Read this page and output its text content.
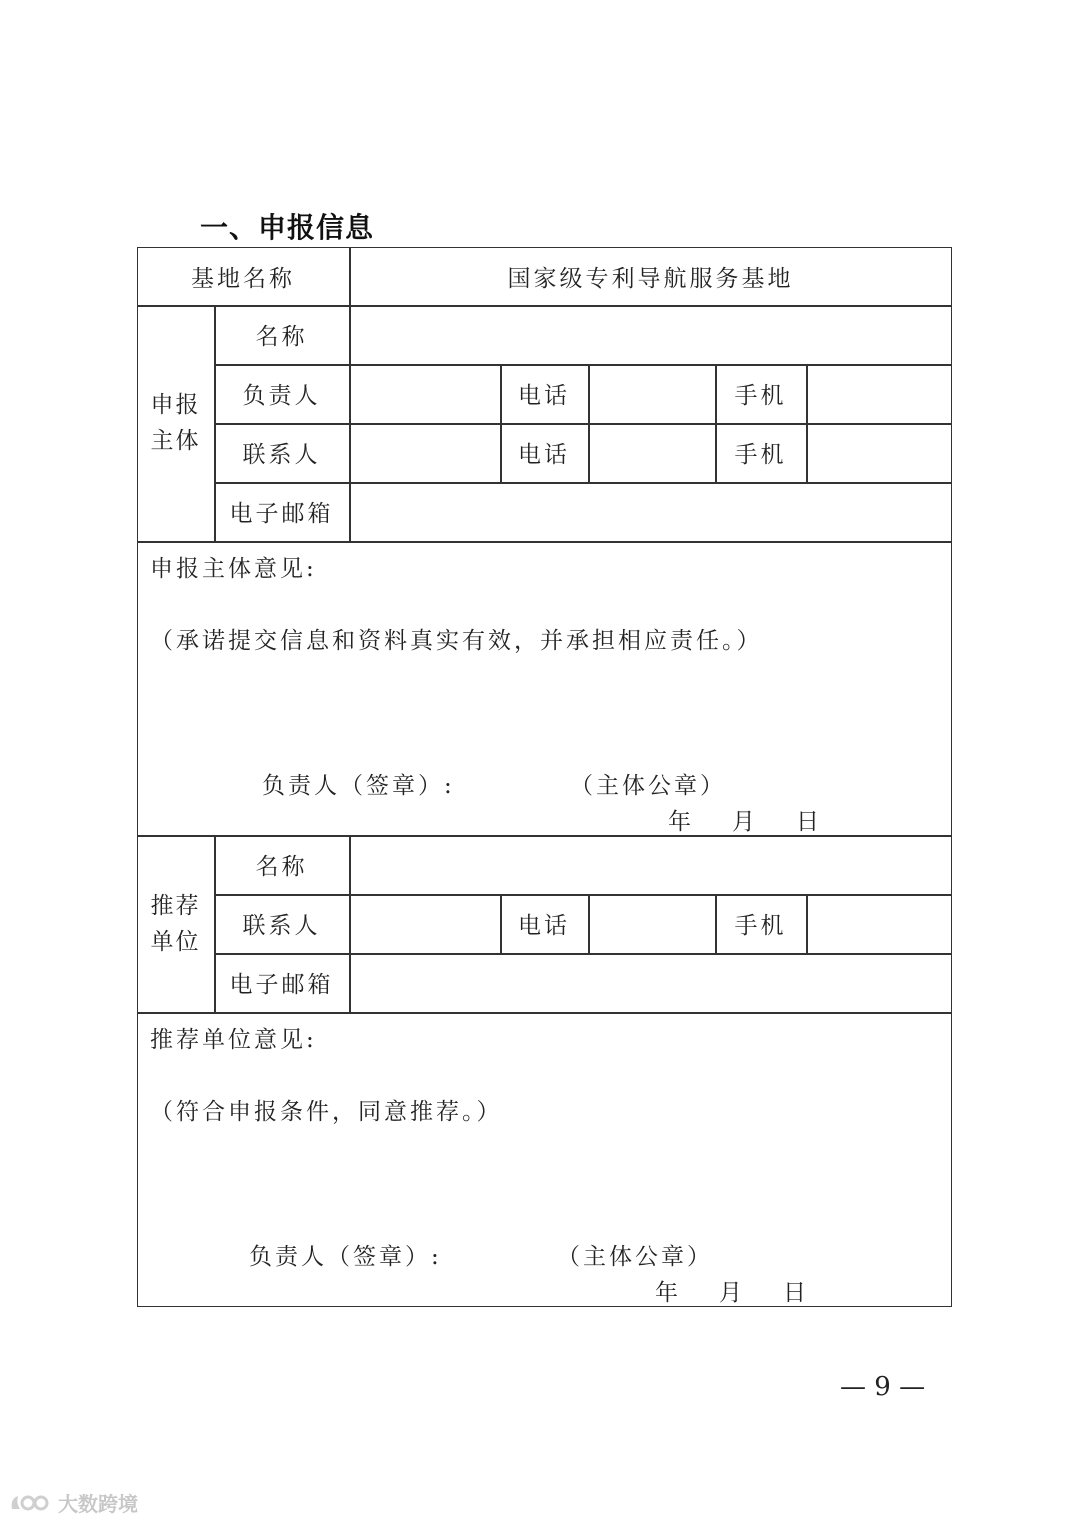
一、申报信息
基地名称	国家级专利导航服务基地
申报
主体
名称
负责人	电话	手机
联系人	电话	手机
电子邮箱
申报主体意见:
（承诺提交信息和资料真实有效，并承担相应责任。）
负责人（签章）:	（主体公章）
年 月 日
推荐
单位
名称
联系人	电话	手机
电子邮箱
推荐单位意见:
（符合申报条件，同意推荐。）
负责人（签章）:	（主体公章）
年 月 日
— 9 —
大数跨境
